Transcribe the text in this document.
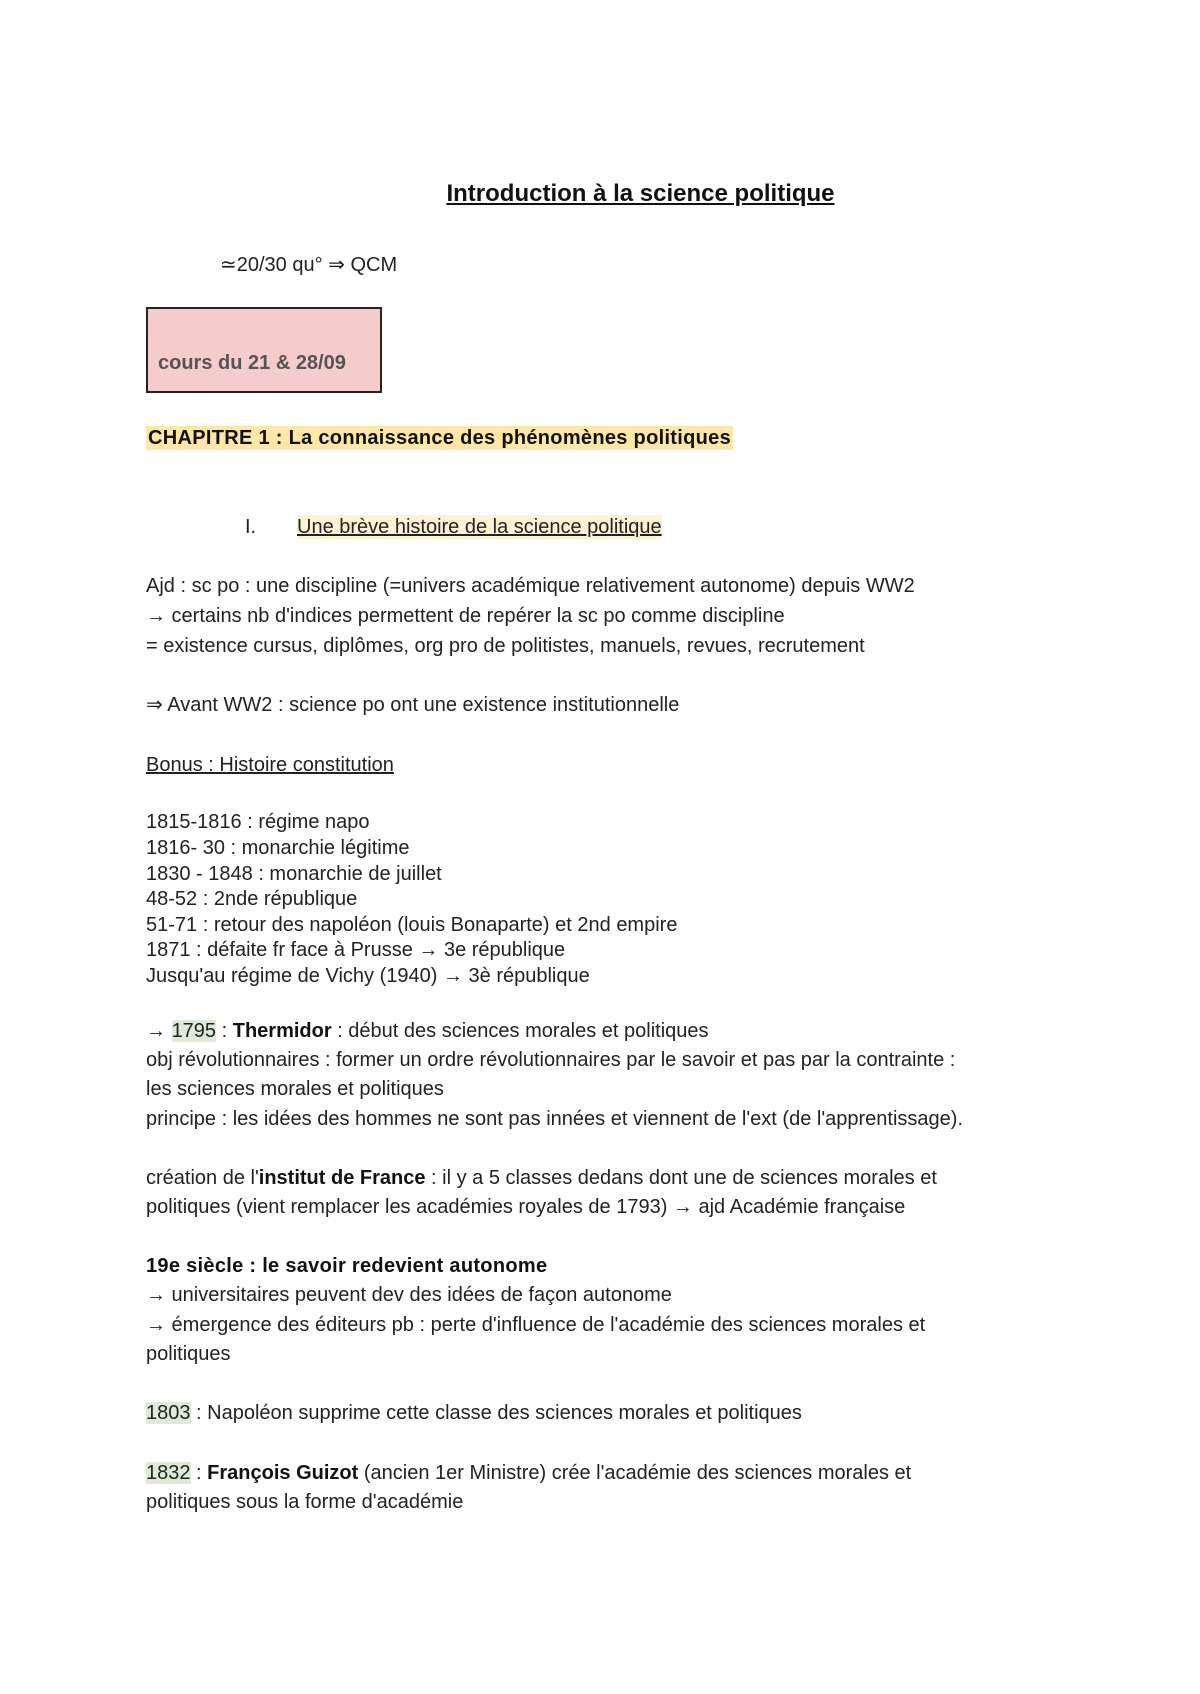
Introduction à la science politique
≃20/30 qu° ⇒ QCM
cours du 21 & 28/09
CHAPITRE 1 : La connaissance des phénomènes politiques
I. Une brève histoire de la science politique
Ajd : sc po : une discipline (=univers académique relativement autonome) depuis WW2
→ certains nb d'indices permettent de repérer la sc po comme discipline
= existence cursus, diplômes, org pro de politistes, manuels, revues, recrutement
⇒ Avant WW2 : science po ont une existence institutionnelle
Bonus : Histoire constitution
1815-1816 : régime napo
1816- 30 : monarchie légitime
1830 - 1848 : monarchie de juillet
48-52 : 2nde république
51-71 : retour des napoléon (louis Bonaparte) et 2nd empire
1871 : défaite fr face à Prusse → 3e république
Jusqu'au régime de Vichy (1940) → 3è république
→ 1795 : Thermidor : début des sciences morales et politiques
obj révolutionnaires : former un ordre révolutionnaires par le savoir et pas par la contrainte :
les sciences morales et politiques
principe : les idées des hommes ne sont pas innées et viennent de l'ext (de l'apprentissage).
création de l'institut de France : il y a 5 classes dedans dont une de sciences morales et
politiques (vient remplacer les académies royales de 1793) → ajd Académie française
19e siècle : le savoir redevient autonome
→ universitaires peuvent dev des idées de façon autonome
→ émergence des éditeurs pb : perte d'influence de l'académie des sciences morales et
politiques
1803 : Napoléon supprime cette classe des sciences morales et politiques
1832 : François Guizot (ancien 1er Ministre) crée l'académie des sciences morales et
politiques sous la forme d'académie
